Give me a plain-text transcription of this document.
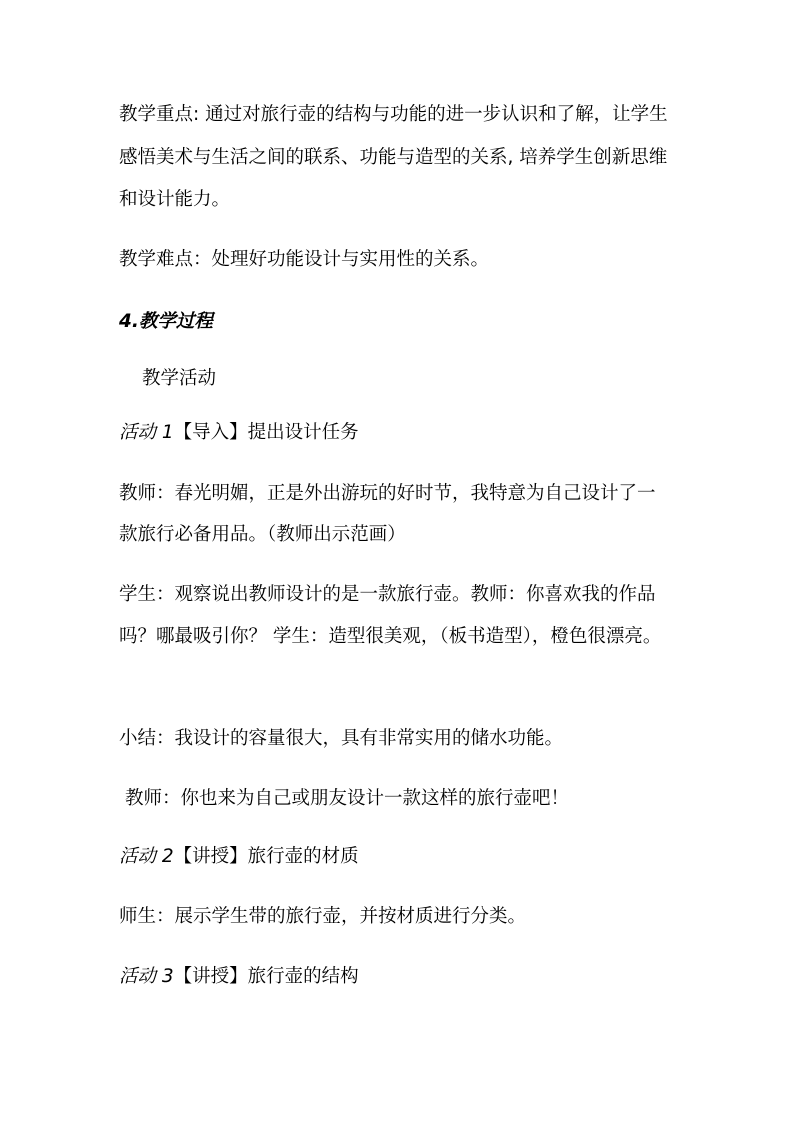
教学重点: 通过对旅行壶的结构与功能的进一步认识和了解，让学生

感悟美术与生活之间的联系、功能与造型的关系, 培养学生创新思维

和设计能力。

教学难点：处理好功能设计与实用性的关系。

4.教学过程

教学活动

活动 1【导入】提出设计任务

教师：春光明媚，正是外出游玩的好时节，我特意为自己设计了一

款旅行必备用品。（教师出示范画）

学生：观察说出教师设计的是一款旅行壶。教师：你喜欢我的作品

吗？哪最吸引你？ 学生：造型很美观，（板书造型），橙色很漂亮。

小结：我设计的容量很大，具有非常实用的储水功能。

教师：你也来为自己或朋友设计一款这样的旅行壶吧！

活动 2【讲授】旅行壶的材质

师生：展示学生带的旅行壶，并按材质进行分类。

活动 3【讲授】旅行壶的结构
